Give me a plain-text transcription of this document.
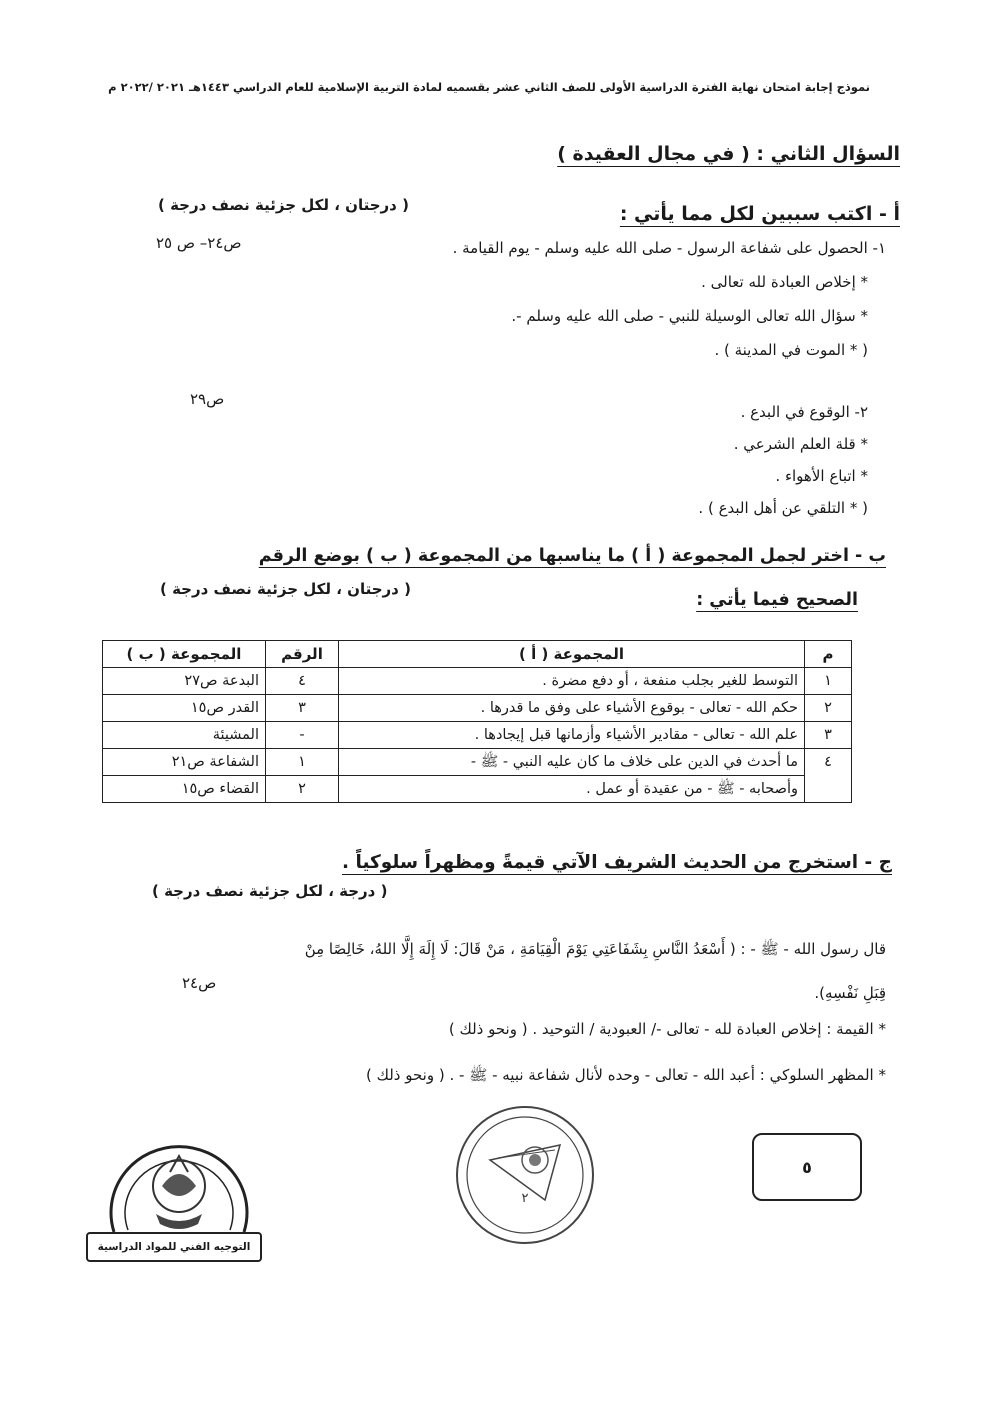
نموذج إجابة امتحان نهاية الفترة الدراسية الأولى للصف الثاني عشر بقسميه لمادة التربية الإسلامية للعام الدراسي ١٤٤٣هـ ٢٠٢١ /٢٠٢٢ م
السؤال الثاني : ( في مجال العقيدة )
أ - اكتب سببين لكل مما يأتي :
( درجتان ، لكل جزئية نصف درجة )
١- الحصول على شفاعة الرسول - صلى الله عليه وسلم - يوم القيامة .
ص٢٤– ص ٢٥
* إخلاص العبادة لله تعالى .
* سؤال الله تعالى الوسيلة للنبي - صلى الله عليه وسلم -.
( * الموت في المدينة ) .
ص٢٩
٢- الوقوع في البدع .
* قلة العلم الشرعي .
* اتباع الأهواء .
( * التلقي عن أهل البدع ) .
ب - اختر لجمل المجموعة ( أ ) ما يناسبها من المجموعة ( ب ) بوضع الرقم
الصحيح فيما يأتي :
( درجتان ، لكل جزئية نصف درجة )
م	المجموعة ( أ )	الرقم	المجموعة ( ب )
١	التوسط للغير بجلب منفعة ، أو دفع مضرة .	٤	البدعة ص٢٧
٢	حكم الله - تعالى - بوقوع الأشياء على وفق ما قدرها .	٣	القدر ص١٥
٣	علم الله - تعالى - مقادير الأشياء وأزمانها قبل إيجادها .	-	المشيئة
٤	ما أحدث في الدين على خلاف ما كان عليه النبي - ﷺ -	١	الشفاعة ص٢١
	وأصحابه - ﷺ - من عقيدة أو عمل .	٢	القضاء ص١٥
ج - استخرج من الحديث الشريف الآتي قيمةً ومظهراً سلوكياً .
( درجة ، لكل جزئية نصف درجة )
قال رسول الله - ﷺ - : ( أَسْعَدُ النَّاسِ بِشَفَاعَتِي يَوْمَ الْقِيَامَةِ ، مَنْ قَالَ: لَا إِلَهَ إِلَّا اللهُ، خَالِصًا مِنْ
ص٢٤
قِبَلِ نَفْسِهِ).
* القيمة : إخلاص العبادة لله - تعالى -/ العبودية / التوحيد . ( ونحو ذلك )
* المظهر السلوكي : أعبد الله - تعالى - وحده لأنال شفاعة نبيه - ﷺ - . ( ونحو ذلك )
٥
التوجيه الفني للمواد الدراسية
٢
